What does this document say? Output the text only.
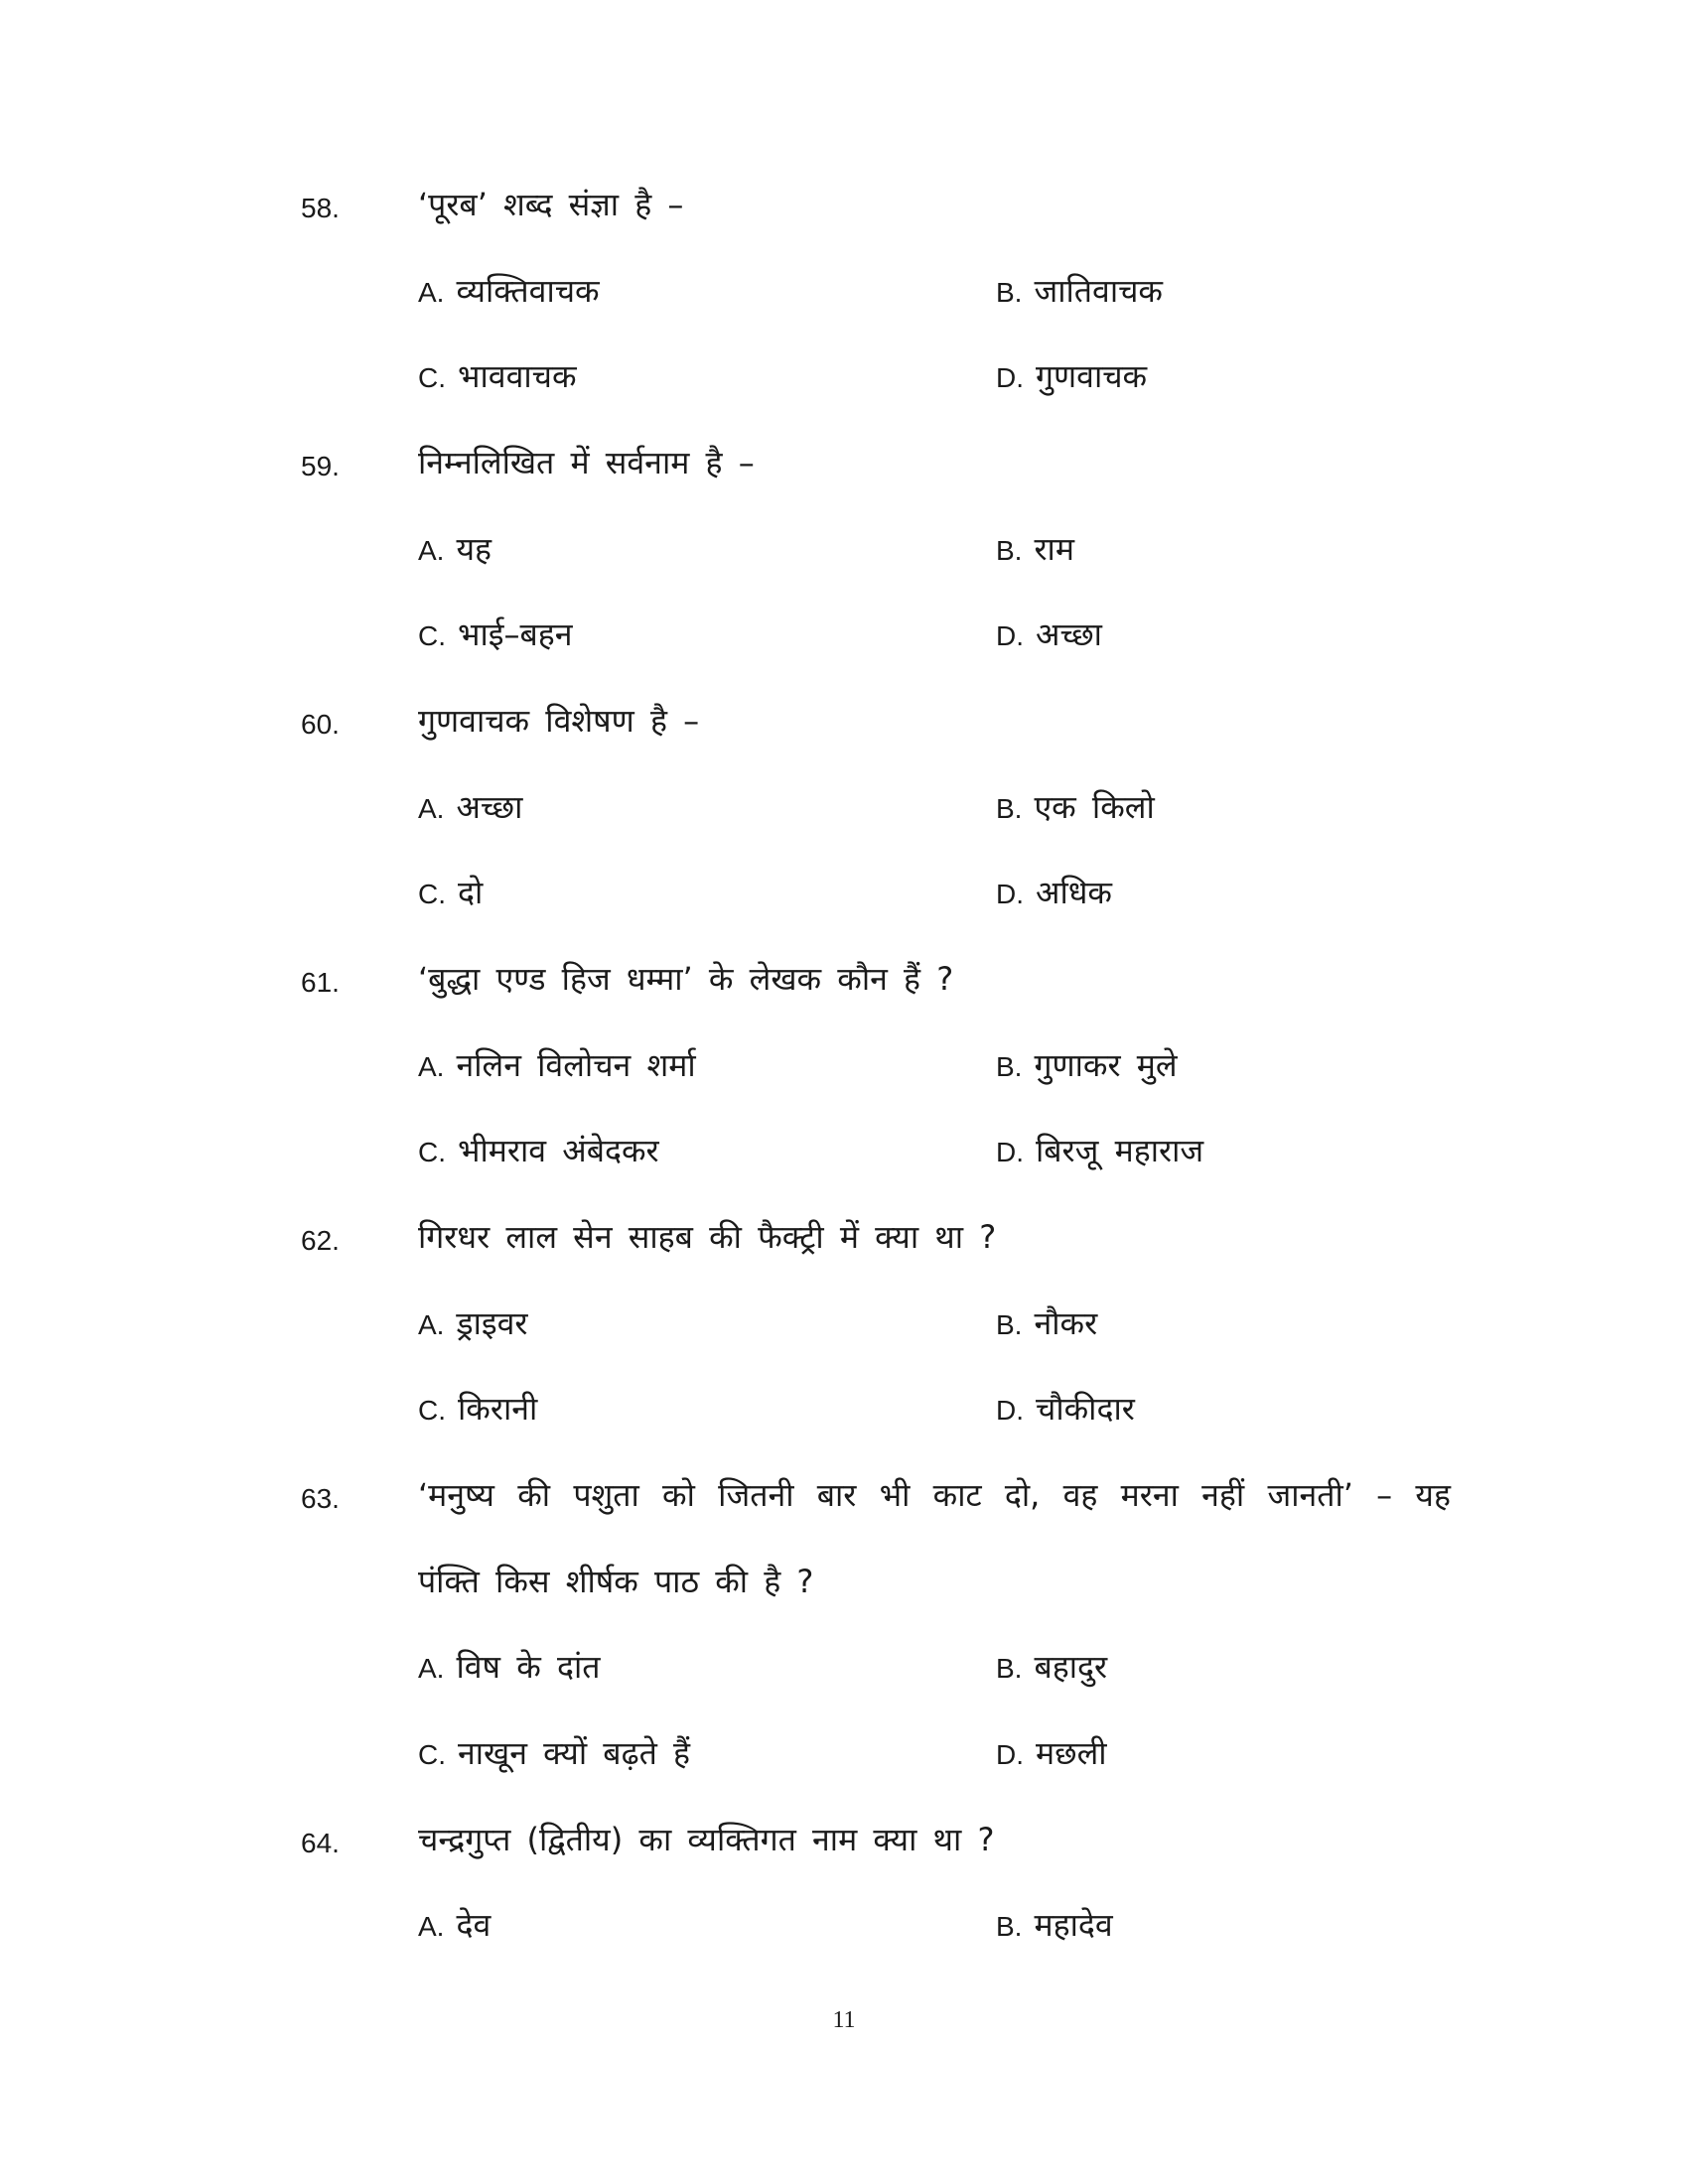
58. ‘पूरब’ शब्द संज्ञा है –
A. व्यक्तिवाचक	B. जातिवाचक
C. भाववाचक	D. गुणवाचक
59. निम्नलिखित में सर्वनाम है –
A. यह	B. राम
C. भाई–बहन	D. अच्छा
60. गुणवाचक विशेषण है –
A. अच्छा	B. एक किलो
C. दो	D. अधिक
61. ‘बुद्धा एण्ड हिज धम्मा’ के लेखक कौन हैं ?
A. नलिन विलोचन शर्मा	B. गुणाकर मुले
C. भीमराव अंबेदकर	D. बिरजू महाराज
62. गिरधर लाल सेन साहब की फैक्ट्री में क्या था ?
A. ड्राइवर	B. नौकर
C. किरानी	D. चौकीदार
63. ‘मनुष्य की पशुता को जितनी बार भी काट दो, वह मरना नहीं जानती’ – यह
पंक्ति किस शीर्षक पाठ की है ?
A. विष के दांत	B. बहादुर
C. नाखून क्यों बढ़ते हैं	D. मछली
64. चन्द्रगुप्त (द्वितीय) का व्यक्तिगत नाम क्या था ?
A. देव	B. महादेव
11
